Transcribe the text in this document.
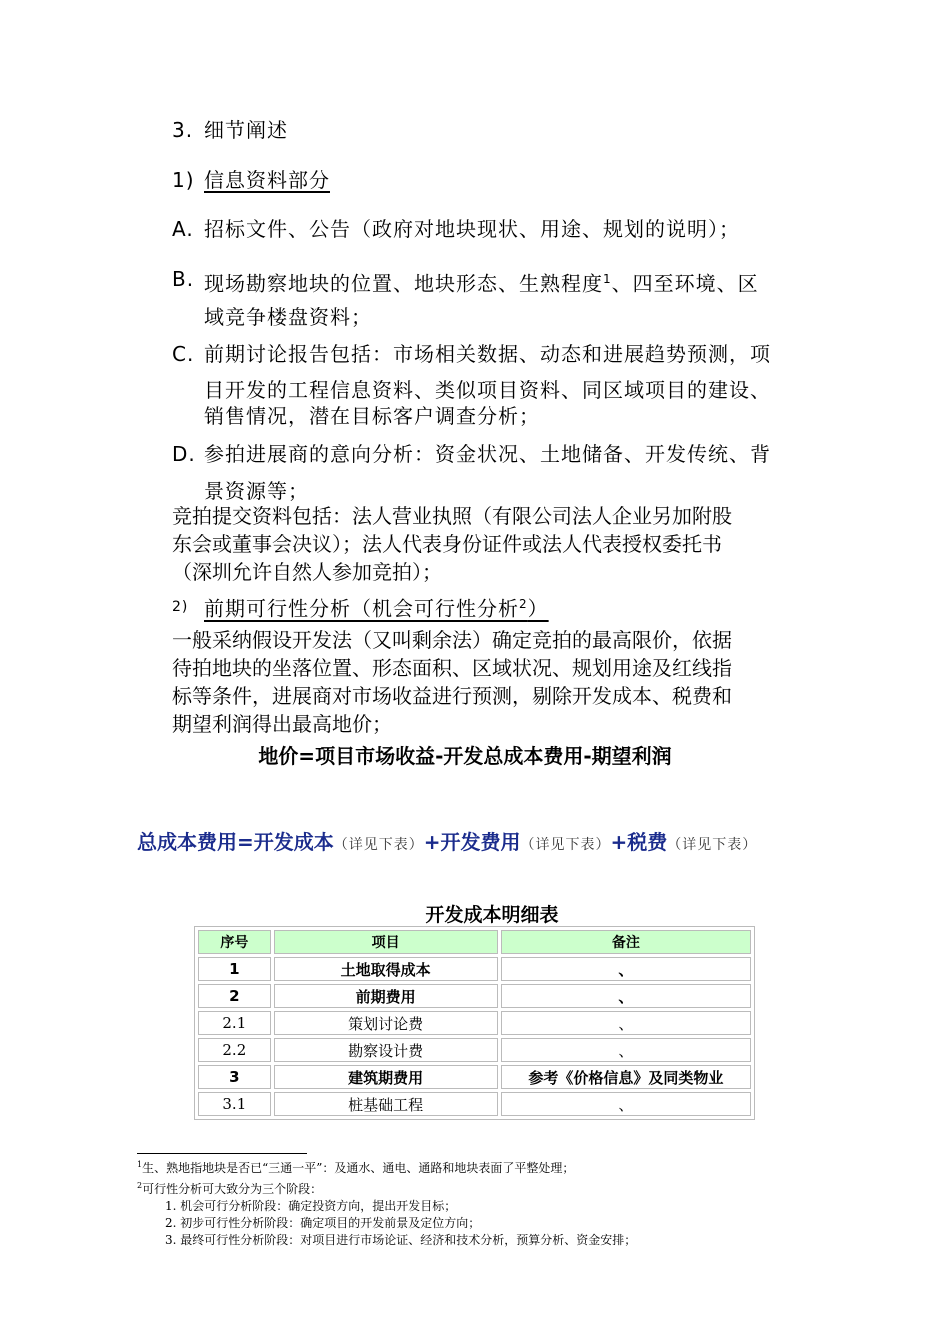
3. 细节阐述
1) 信息资料部分
A. 招标文件、公告（政府对地块现状、用途、规划的说明）；
B. 现场勘察地块的位置、地块形态、生熟程度$^1$、四至环境、区
域竞争楼盘资料；
C. 前期讨论报告包括：市场相关数据、动态和进展趋势预测，项
目开发的工程信息资料、类似项目资料、同区域项目的建设、
销售情况，潜在目标客户调查分析；
D. 参拍进展商的意向分析：资金状况、土地储备、开发传统、背
景资源等；
竞拍提交资料包括：法人营业执照（有限公司法人企业另加附股
东会或董事会决议）；法人代表身份证件或法人代表授权委托书
（深圳允许自然人参加竞拍）；
2) 前期可行性分析（机会可行性分析$^2$）
一般采纳假设开发法（又叫剩余法）确定竞拍的最高限价，依据
待拍地块的坐落位置、形态面积、区域状况、规划用途及红线指
标等条件，进展商对市场收益进行预测，剔除开发成本、税费和
期望利润得出最高地价；
地价=项目市场收益-开发总成本费用-期望利润
总成本费用=开发成本（详见下表）+开发费用（详见下表）+税费（详见下表）
开发成本明细表
序号	项目	备注
1	土地取得成本	、
2	前期费用	、
2.1	策划讨论费	、
2.2	勘察设计费	、
3	建筑期费用	参考《价格信息》及同类物业
3.1	桩基础工程	、
$^1$生、熟地指地块是否已“三通一平”：及通水、通电、通路和地块表面了平整处理；
$^2$可行性分析可大致分为三个阶段：
1. 机会可行分析阶段：确定投资方向，提出开发目标；
2. 初步可行性分析阶段：确定项目的开发前景及定位方向；
3. 最终可行性分析阶段：对项目进行市场论证、经济和技术分析，预算分析、资金安排；
